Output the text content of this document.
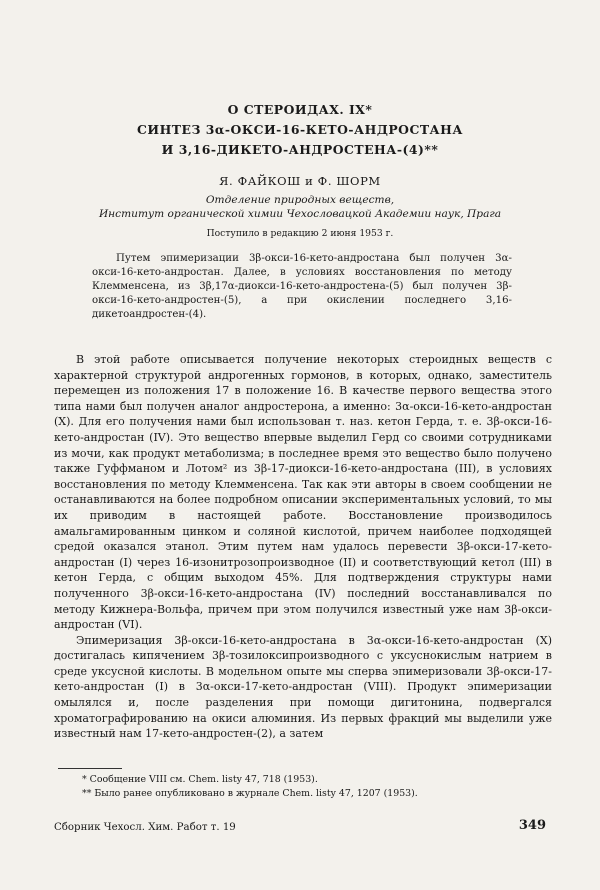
О СТЕРОИДАХ. IX*

СИНТЕЗ 3α-ОКСИ-16-КЕТО-АНДРОСТАНА

И 3,16-ДИКЕТО-АНДРОСТЕНА-(4)**

Я. ФАЙКОШ и Ф. ШОРМ
Отделение природных веществ,
Институт органической химии Чехословацкой Академии наук, Прага
Поступило в редакцию 2 июня 1953 г.

Путем эпимеризации 3β-окси-16-кето-андростана был получен 3α-окси-16-кето-андростан. Далее, в условиях восстановления по методу Клемменсена, из 3β,17α-диокси-16-кето-андростена-(5) был получен 3β-окси-16-кето-андростен-(5), а при окислении последнего 3,16-дикетоандростен-(4).

В этой работе описывается получение некоторых стероидных веществ с характерной структурой андрогенных гормонов, в которых, однако, заместитель перемещен из положения 17 в положение 16. В качестве первого вещества этого типа нами был получен аналог андростерона, а именно: 3α-окси-16-кето-андростан (X). Для его получения нами был использован т. наз. кетон Герда, т. е. 3β-окси-16-кето-андростан (IV). Это вещество впервые выделил Герд со своими сотрудниками из мочи, как продукт метаболизма; в последнее время это вещество было получено также Гуффманом и Лотом² из 3β-17-диокси-16-кето-андростана (III), в условиях восстановления по методу Клемменсена. Так как эти авторы в своем сообщении не останавливаются на более подробном описании экспериментальных условий, то мы их приводим в настоящей работе. Восстановление производилось амальгамированным цинком и соляной кислотой, причем наиболее подходящей средой оказался этанол. Этим путем нам удалось перевести 3β-окси-17-кето-андростан (I) через 16-изонитрозопроизводное (II) и соответствующий кетол (III) в кетон Герда, с общим выходом 45%. Для подтверждения структуры нами полученного 3β-окси-16-кето-андростана (IV) последний восстанавливался по методу Кижнера-Вольфа, причем при этом получился известный уже нам 3β-окси-андростан (VI).

Эпимеризация 3β-окси-16-кето-андростана в 3α-окси-16-кето-андростан (X) достигалась кипячением 3β-тозилоксипроизводного с уксуснокислым натрием в среде уксусной кислоты. В модельном опыте мы сперва эпимеризовали 3β-окси-17-кето-андростан (I) в 3α-окси-17-кето-андростан (VIII). Продукт эпимеризации омылялся и, после разделения при помощи дигитонина, подвергался хроматографированию на окиси алюминия. Из первых фракций мы выделили уже известный нам 17-кето-андростен-(2), а затем

* Сообщение VIII см. Chem. listy 47, 718 (1953).

** Было ранее опубликовано в журнале Chem. listy 47, 1207 (1953).

Сборник Чехосл. Хим. Работ т. 19	349
